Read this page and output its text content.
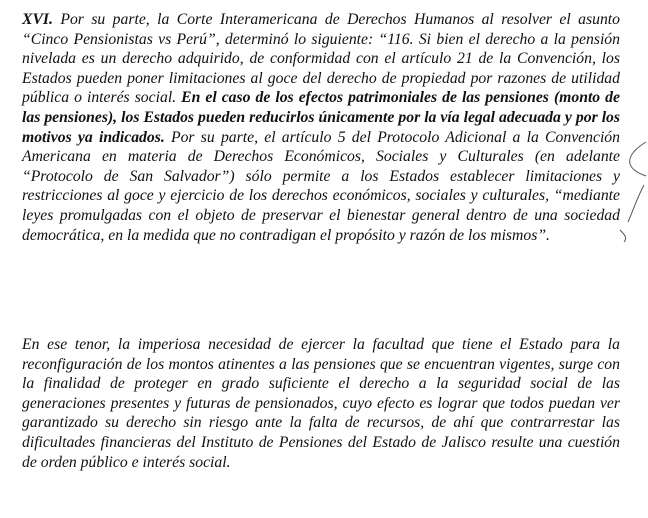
XVI. Por su parte, la Corte Interamericana de Derechos Humanos al resolver el asunto “Cinco Pensionistas vs Perú”, determinó lo siguiente: “116. Si bien el derecho a la pensión nivelada es un derecho adquirido, de conformidad con el artículo 21 de la Convención, los Estados pueden poner limitaciones al goce del derecho de propiedad por razones de utilidad pública o interés social. En el caso de los efectos patrimoniales de las pensiones (monto de las pensiones), los Estados pueden reducirlos únicamente por la vía legal adecuada y por los motivos ya indicados. Por su parte, el artículo 5 del Protocolo Adicional a la Convención Americana en materia de Derechos Económicos, Sociales y Culturales (en adelante “Protocolo de San Salvador”) sólo permite a los Estados establecer limitaciones y restricciones al goce y ejercicio de los derechos económicos, sociales y culturales, “mediante leyes promulgadas con el objeto de preservar el bienestar general dentro de una sociedad democrática, en la medida que no contradigan el propósito y razón de los mismos”.

En ese tenor, la imperiosa necesidad de ejercer la facultad que tiene el Estado para la reconfiguración de los montos atinentes a las pensiones que se encuentran vigentes, surge con la finalidad de proteger en grado suficiente el derecho a la seguridad social de las generaciones presentes y futuras de pensionados, cuyo efecto es lograr que todos puedan ver garantizado su derecho sin riesgo ante la falta de recursos, de ahí que contrarrestar las dificultades financieras del Instituto de Pensiones del Estado de Jalisco resulte una cuestión de orden público e interés social.
